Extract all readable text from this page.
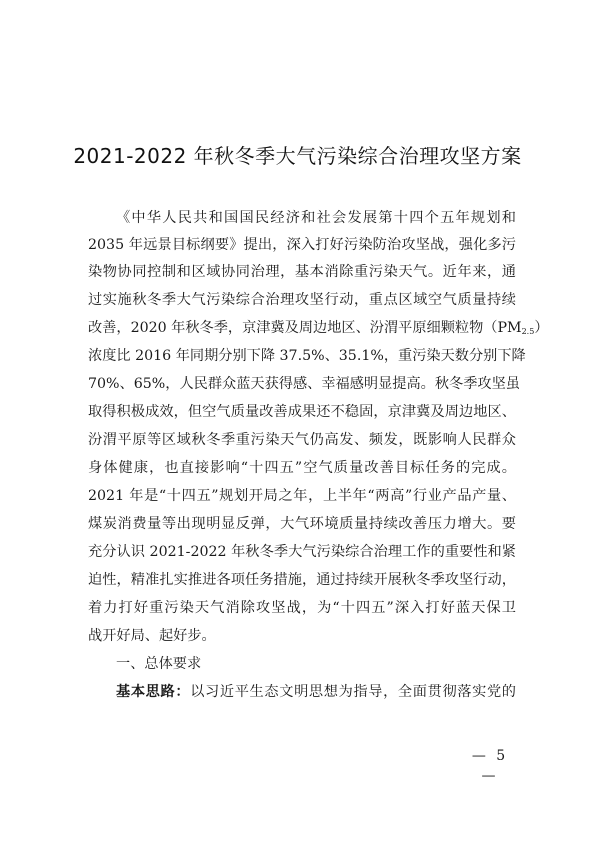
2021-2022 年秋冬季大气污染综合治理攻坚方案
《中华人民共和国国民经济和社会发展第十四个五年规划和
2035 年远景目标纲要》提出，深入打好污染防治攻坚战，强化多污
染物协同控制和区域协同治理，基本消除重污染天气。近年来，通
过实施秋冬季大气污染综合治理攻坚行动，重点区域空气质量持续
改善，2020 年秋冬季，京津冀及周边地区、汾渭平原细颗粒物$(PM_{2.5})$
浓度比 2016 年同期分别下降 37.5%、35.1%，重污染天数分别下降
70%、65%，人民群众蓝天获得感、幸福感明显提高。秋冬季攻坚虽
取得积极成效，但空气质量改善成果还不稳固，京津冀及周边地区、
汾渭平原等区域秋冬季重污染天气仍高发、频发，既影响人民群众
身体健康，也直接影响“十四五”空气质量改善目标任务的完成。
2021 年是“十四五”规划开局之年，上半年“两高”行业产品产量、
煤炭消费量等出现明显反弹，大气环境质量持续改善压力增大。要
充分认识 2021-2022 年秋冬季大气污染综合治理工作的重要性和紧
迫性，精准扎实推进各项任务措施，通过持续开展秋冬季攻坚行动，
着力打好重污染天气消除攻坚战，为“十四五”深入打好蓝天保卫
战开好局、起好步。
一、总体要求
基本思路：以习近平生态文明思想为指导，全面贯彻落实党的
— 5 —
